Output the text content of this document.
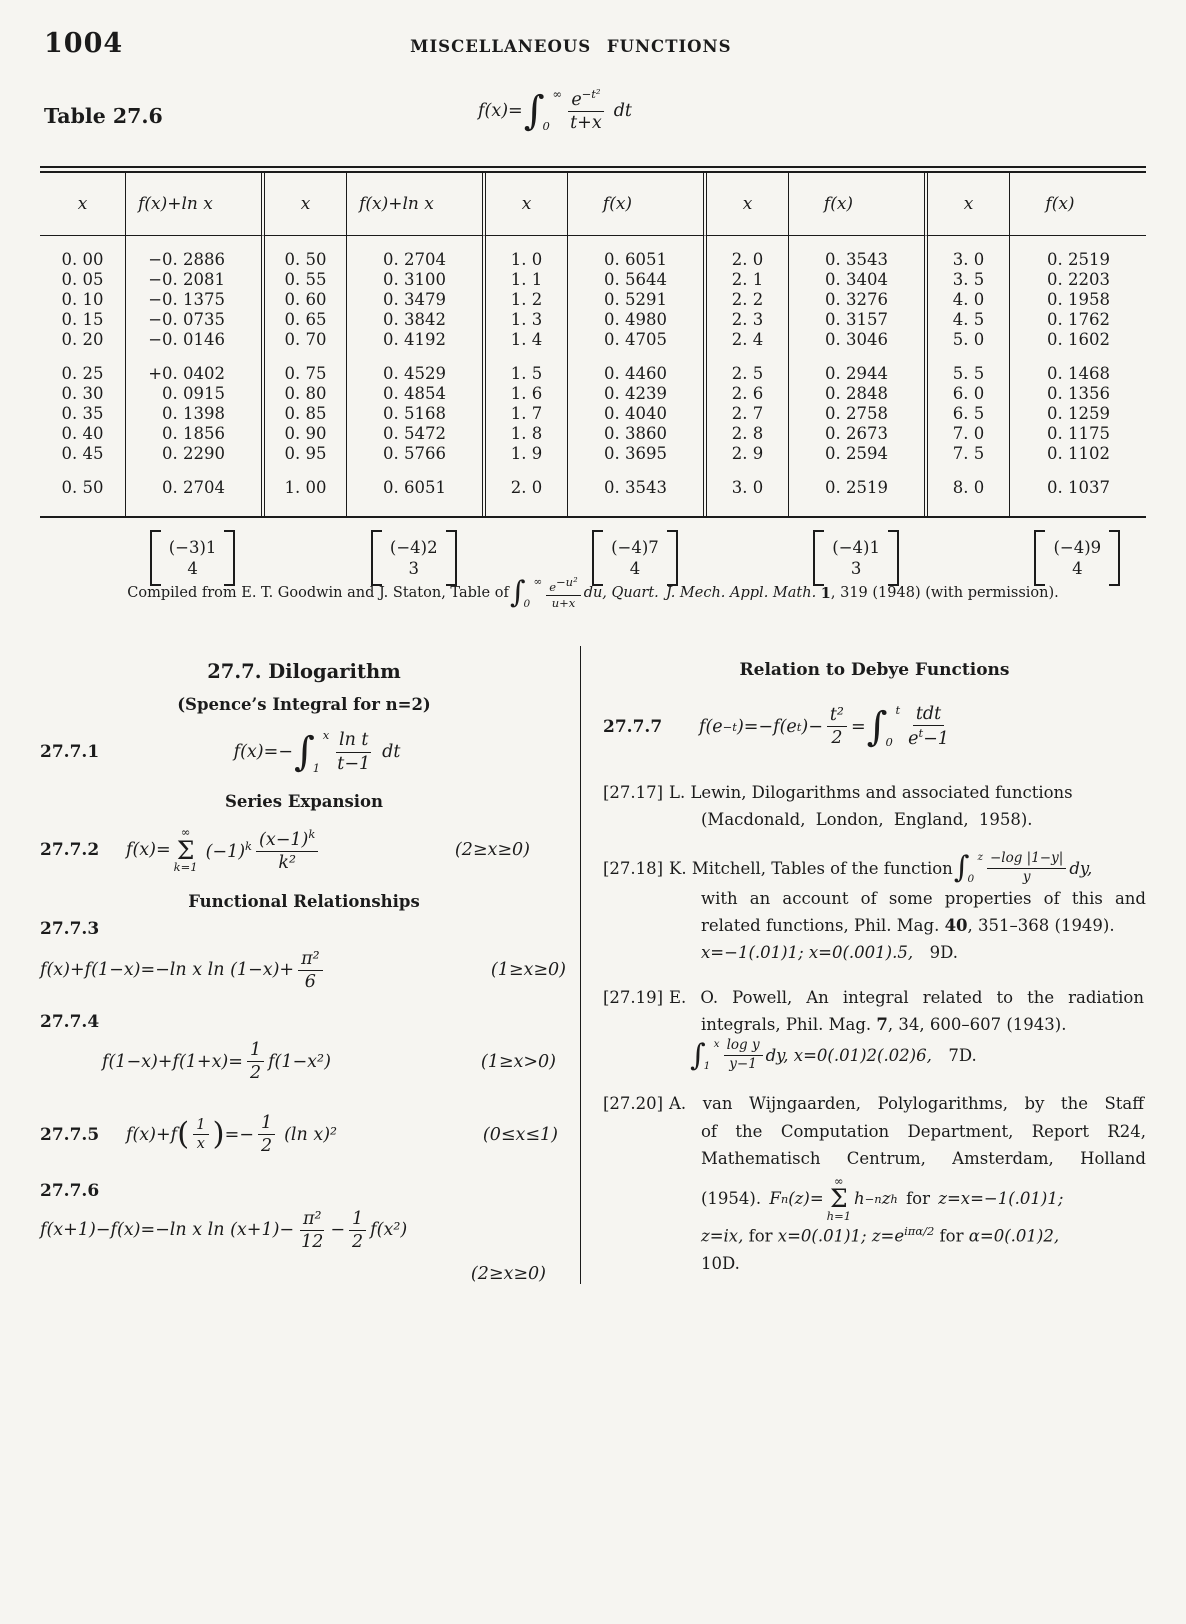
1004	MISCELLANEOUS FUNCTIONS
Table 27.6	f(x)= ∫ ∞
0
$e^{-t^2}$
t+x
dt
x	f(x)+ln x	x	f(x)+ln x	x	f(x)	x	f(x)	x	f(x)
0. 00	−0. 2886	0. 50	0. 2704	1. 0	0. 6051	2. 0	0. 3543	3. 0	0. 2519
0. 05	−0. 2081	0. 55	0. 3100	1. 1	0. 5644	2. 1	0. 3404	3. 5	0. 2203
0. 10	−0. 1375	0. 60	0. 3479	1. 2	0. 5291	2. 2	0. 3276	4. 0	0. 1958
0. 15	−0. 0735	0. 65	0. 3842	1. 3	0. 4980	2. 3	0. 3157	4. 5	0. 1762
0. 20	−0. 0146	0. 70	0. 4192	1. 4	0. 4705	2. 4	0. 3046	5. 0	0. 1602
0. 25	+0. 0402	0. 75	0. 4529	1. 5	0. 4460	2. 5	0. 2944	5. 5	0. 1468
0. 30	0. 0915	0. 80	0. 4854	1. 6	0. 4239	2. 6	0. 2848	6. 0	0. 1356
0. 35	0. 1398	0. 85	0. 5168	1. 7	0. 4040	2. 7	0. 2758	6. 5	0. 1259
0. 40	0. 1856	0. 90	0. 5472	1. 8	0. 3860	2. 8	0. 2673	7. 0	0. 1175
0. 45	0. 2290	0. 95	0. 5766	1. 9	0. 3695	2. 9	0. 2594	7. 5	0. 1102
0. 50	0. 2704	1. 00	0. 6051	2. 0	0. 3543	3. 0	0. 2519	8. 0	0. 1037
(−3)1
4
(−4)2
3
(−4)7
4
(−4)1
3
(−4)9
4
Compiled from E. T. Goodwin and J. Staton, Table of ∫ ∞
0
$e^{-u^2}$
u+x
du, Quart. J. Mech. Appl. Math.
1 , 319 (1948) (with permission).
27.7. Dilogarithm
(Spence’s Integral for n=2)
27.7.1	f(x)=− ∫ x
1
ln t
t−1
dt
Series Expansion
27.7.2	f(x)=
∞
Σ
k=1
$(-1)^k$ $(x-1)^k$
k²
(2≥x≥0)
Functional Relationships
27.7.3
f(x)+f(1−x)=−ln x $\ln (1-x)+ \frac{\text{π²}}{6}$	(1≥x≥0)
27.7.4
$f(1-x)+f(1+x)= \frac{1}{2} f(1-x^2)$	(1≥x>0)
27.7.5	f(x)+f ( 1
x ) =− $\frac{1}{2} (\ln$ x)²	(0≤x≤1)
27.7.6
f(x+1)−f(x)=−ln x $\ln (x+1)- \frac{\text{π²}}{12} - \frac{1}{2} f(x^2)$
(2≥x≥0)
Relation to Debye Functions
27.7.7	f(e −t )=−f(e t )− $\frac{\text{t²}}{2}$ = ∫ t
0
tdt
$e^t-1$
[27.17] L. Lewin, Dilogarithms and associated functions
(Macdonald, London, England, 1958).
[27.18] K. Mitchell, Tables of the function ∫ z
0
−log |1−y|
y dy,
with an account of some properties of this and
related functions, Phil. Mag. 40, 351–368 (1949).
x=−1(.01)1; x=0(.001).5,   9D.
[27.19] E. O. Powell, An integral related to the radiation
integrals, Phil. Mag. 7, 34, 600–607 (1943).
∫ x
1
log y
y−1 dy, x=0(.01)2(.02)6,
   7D.
[27.20] A. van Wijngaarden, Polylogarithms, by the Staff
of the Computation Department, Report R24,
Mathematisch Centrum, Amsterdam, Holland
(1954).  F n (z)=
∞
Σ
h=1
h −n z h  for  z=x=−1(.01)1;
z=ix, for x=0(.01)1; $z=e^{i\pi\alpha/2}$ for α=0(.01)2,
10D.
